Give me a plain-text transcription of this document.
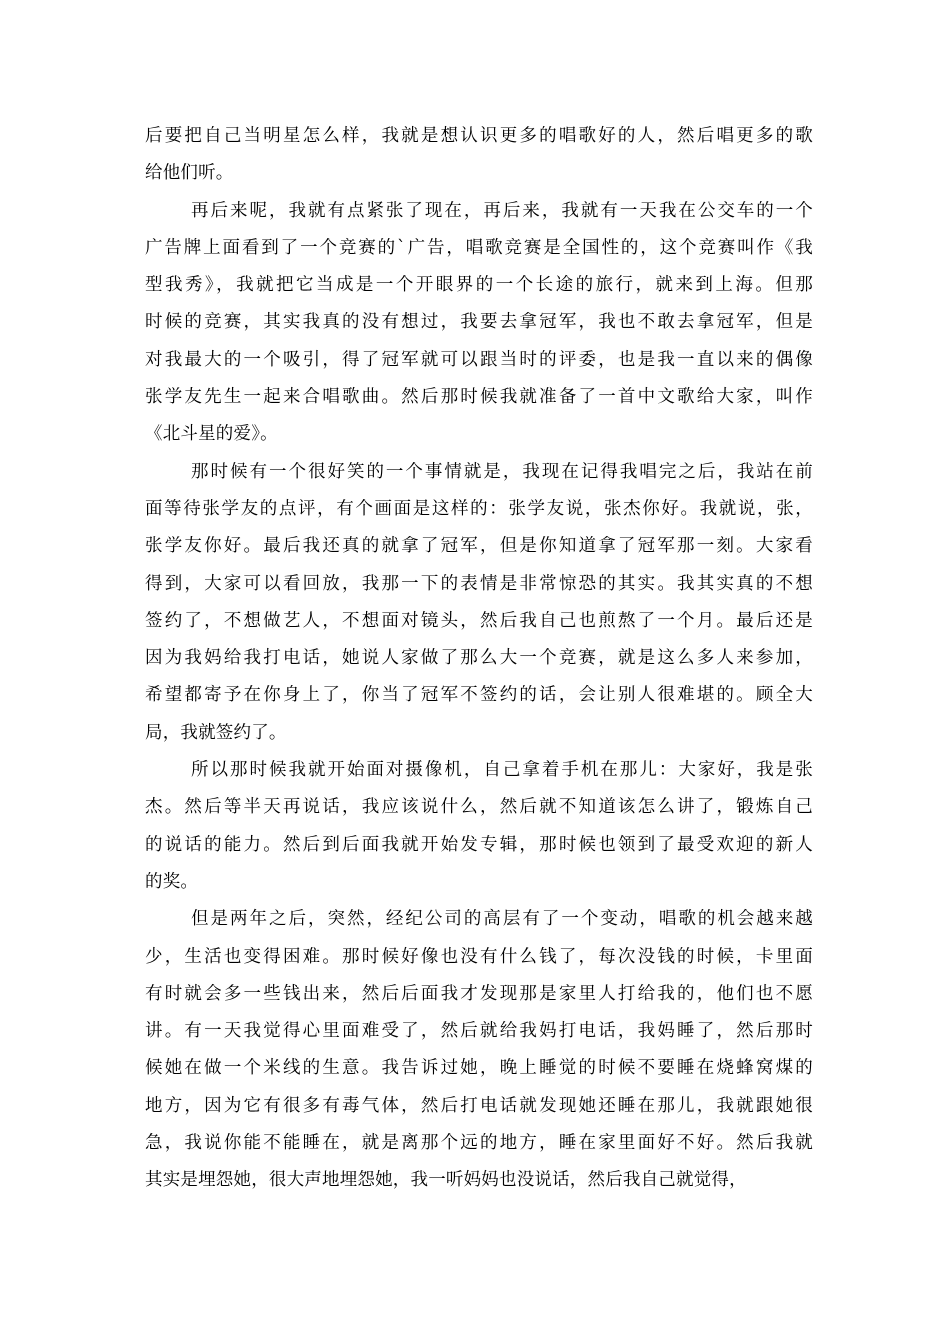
后要把自己当明星怎么样，我就是想认识更多的唱歌好的人，然后唱更多的歌
给他们听。
再后来呢，我就有点紧张了现在，再后来，我就有一天我在公交车的一个
广告牌上面看到了一个竞赛的`广告，唱歌竞赛是全国性的，这个竞赛叫作《我
型我秀》，我就把它当成是一个开眼界的一个长途的旅行，就来到上海。但那
时候的竞赛，其实我真的没有想过，我要去拿冠军，我也不敢去拿冠军，但是
对我最大的一个吸引，得了冠军就可以跟当时的评委，也是我一直以来的偶像
张学友先生一起来合唱歌曲。然后那时候我就准备了一首中文歌给大家，叫作
《北斗星的爱》。
那时候有一个很好笑的一个事情就是，我现在记得我唱完之后，我站在前
面等待张学友的点评，有个画面是这样的：张学友说，张杰你好。我就说，张，
张学友你好。最后我还真的就拿了冠军，但是你知道拿了冠军那一刻。大家看
得到，大家可以看回放，我那一下的表情是非常惊恐的其实。我其实真的不想
签约了，不想做艺人，不想面对镜头，然后我自己也煎熬了一个月。最后还是
因为我妈给我打电话，她说人家做了那么大一个竞赛，就是这么多人来参加，
希望都寄予在你身上了，你当了冠军不签约的话，会让别人很难堪的。顾全大
局，我就签约了。
所以那时候我就开始面对摄像机，自己拿着手机在那儿：大家好，我是张
杰。然后等半天再说话，我应该说什么，然后就不知道该怎么讲了，锻炼自己
的说话的能力。然后到后面我就开始发专辑，那时候也领到了最受欢迎的新人
的奖。
但是两年之后，突然，经纪公司的高层有了一个变动，唱歌的机会越来越
少，生活也变得困难。那时候好像也没有什么钱了，每次没钱的时候，卡里面
有时就会多一些钱出来，然后后面我才发现那是家里人打给我的，他们也不愿
讲。有一天我觉得心里面难受了，然后就给我妈打电话，我妈睡了，然后那时
候她在做一个米线的生意。我告诉过她，晚上睡觉的时候不要睡在烧蜂窝煤的
地方，因为它有很多有毒气体，然后打电话就发现她还睡在那儿，我就跟她很
急，我说你能不能睡在，就是离那个远的地方，睡在家里面好不好。然后我就
其实是埋怨她，很大声地埋怨她，我一听妈妈也没说话，然后我自己就觉得，
